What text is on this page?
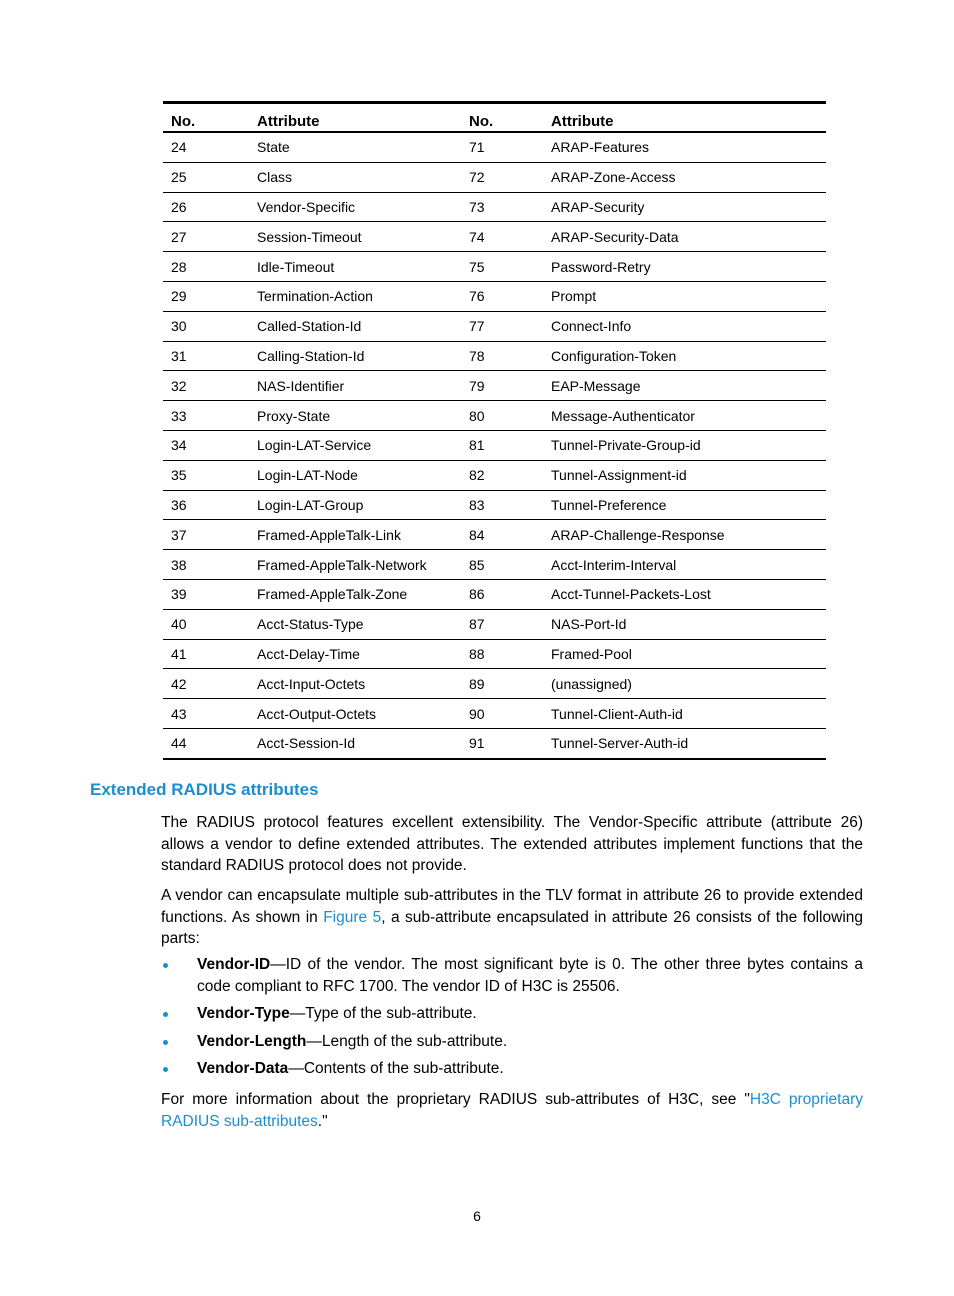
No.	Attribute	No.	Attribute
24	State	71	ARAP-Features
25	Class	72	ARAP-Zone-Access
26	Vendor-Specific	73	ARAP-Security
27	Session-Timeout	74	ARAP-Security-Data
28	Idle-Timeout	75	Password-Retry
29	Termination-Action	76	Prompt
30	Called-Station-Id	77	Connect-Info
31	Calling-Station-Id	78	Configuration-Token
32	NAS-Identifier	79	EAP-Message
33	Proxy-State	80	Message-Authenticator
34	Login-LAT-Service	81	Tunnel-Private-Group-id
35	Login-LAT-Node	82	Tunnel-Assignment-id
36	Login-LAT-Group	83	Tunnel-Preference
37	Framed-AppleTalk-Link	84	ARAP-Challenge-Response
38	Framed-AppleTalk-Network	85	Acct-Interim-Interval
39	Framed-AppleTalk-Zone	86	Acct-Tunnel-Packets-Lost
40	Acct-Status-Type	87	NAS-Port-Id
41	Acct-Delay-Time	88	Framed-Pool
42	Acct-Input-Octets	89	(unassigned)
43	Acct-Output-Octets	90	Tunnel-Client-Auth-id
44	Acct-Session-Id	91	Tunnel-Server-Auth-id
Extended RADIUS attributes

The RADIUS protocol features excellent extensibility. The Vendor-Specific attribute (attribute 26) allows a vendor to define extended attributes. The extended attributes implement functions that the standard RADIUS protocol does not provide.

A vendor can encapsulate multiple sub-attributes in the TLV format in attribute 26 to provide extended functions. As shown in Figure 5, a sub-attribute encapsulated in attribute 26 consists of the following parts:

Vendor-ID—ID of the vendor. The most significant byte is 0. The other three bytes contains a code compliant to RFC 1700. The vendor ID of H3C is 25506.
Vendor-Type—Type of the sub-attribute.
Vendor-Length—Length of the sub-attribute.
Vendor-Data—Contents of the sub-attribute.

For more information about the proprietary RADIUS sub-attributes of H3C, see "H3C proprietary RADIUS sub-attributes."

6
